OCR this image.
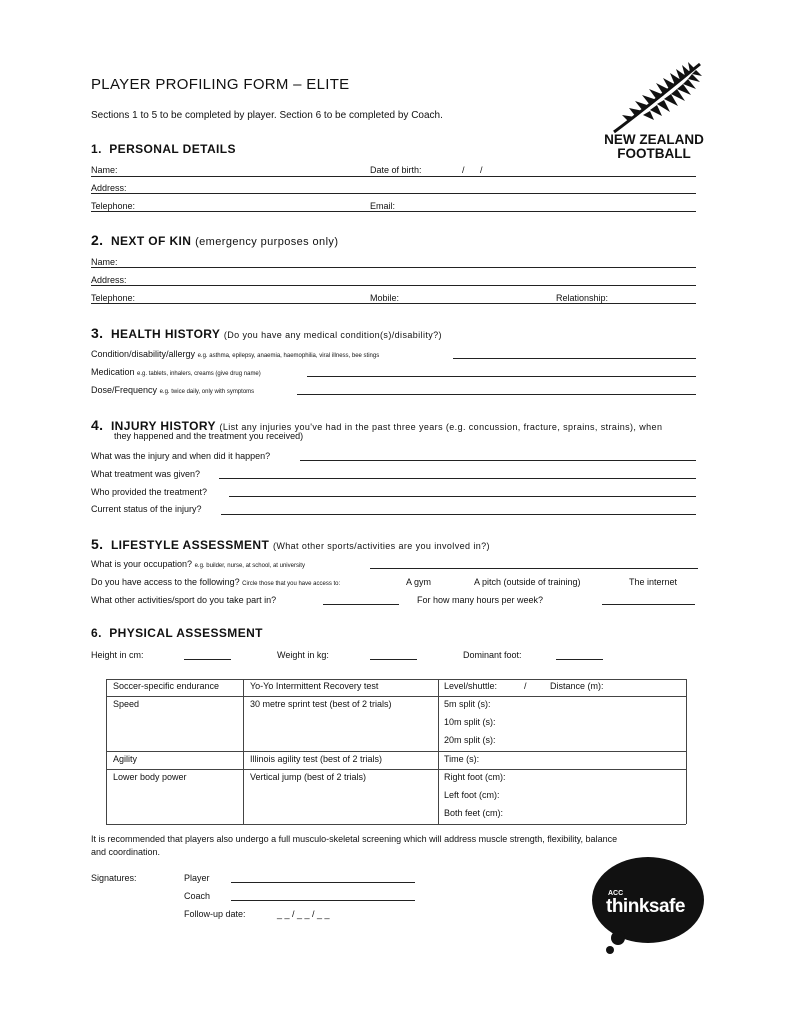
PLAYER PROFILING FORM – ELITE
Sections 1 to 5 to be completed by player. Section 6 to be completed by Coach.
NEW ZEALAND
FOOTBALL
1. PERSONAL DETAILS
Name:	Date of birth:	/ /
Address:
Telephone:	Email:
2. NEXT OF KIN (emergency purposes only)
Name:
Address:
Telephone:	Mobile:	Relationship:
3. HEALTH HISTORY (Do you have any medical condition(s)/disability?)
Condition/disability/allergy e.g. asthma, epilepsy, anaemia, haemophilia, viral illness, bee stings
Medication e.g. tablets, inhalers, creams (give drug name)
Dose/Frequency e.g. twice daily, only with symptoms
4. INJURY HISTORY (List any injuries you've had in the past three years (e.g. concussion, fracture, sprains, strains), when
they happened and the treatment you received)
What was the injury and when did it happen?
What treatment was given?
Who provided the treatment?
Current status of the injury?
5. LIFESTYLE ASSESSMENT (What other sports/activities are you involved in?)
What is your occupation? e.g. builder, nurse, at school, at university
Do you have access to the following? Circle those that you have access to:	A gym	A pitch (outside of training)	The internet
What other activities/sport do you take part in?	For how many hours per week?
6. PHYSICAL ASSESSMENT
Height in cm:	Weight in kg:	Dominant foot:
Soccer-specific endurance	Yo-Yo Intermittent Recovery test	Level/shuttle:	/	Distance (m):
Speed	30 metre sprint test (best of 2 trials)	5m split (s):
10m split (s):
20m split (s):
Agility	Illinois agility test (best of 2 trials)	Time (s):
Lower body power	Vertical jump (best of 2 trials)	Right foot (cm):
Left foot (cm):
Both feet (cm):
It is recommended that players also undergo a full musculo-skeletal screening which will address muscle strength, flexibility, balance
and coordination.
Signatures:	Player
Coach
Follow-up date:	_ _ / _ _ / _ _
ACC
thinksafe
